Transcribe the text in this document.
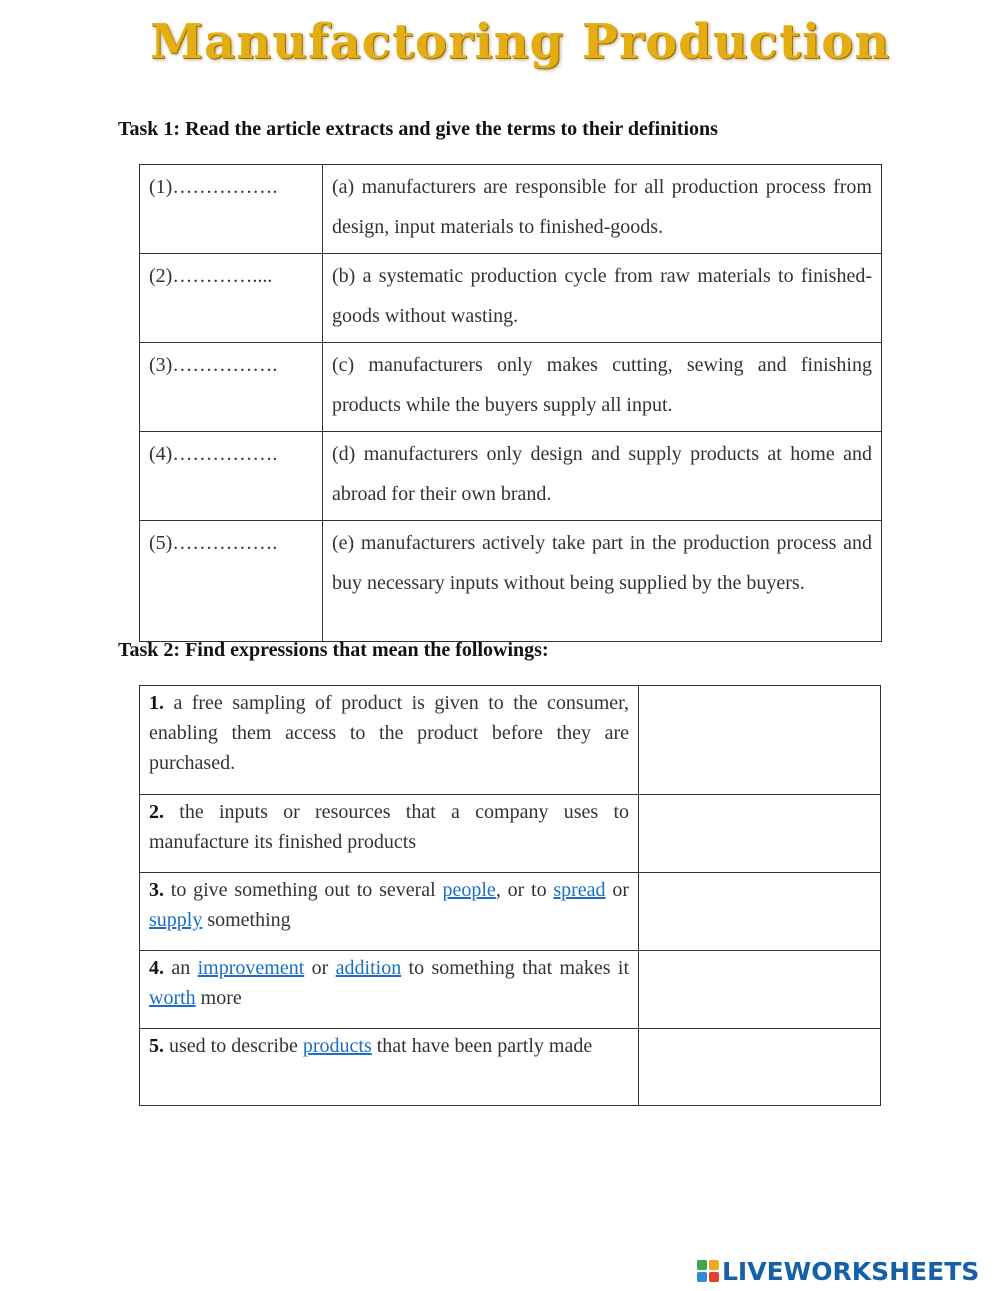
Manufactoring Production
Task 1: Read the article extracts and give the terms to their definitions
(1)…………….	(a) manufacturers are responsible for all production process from design, input materials to finished-goods.
(2)…………....	(b) a systematic production cycle from raw materials to finished-goods without wasting.
(3)…………….	(c) manufacturers only makes cutting, sewing and finishing products while the buyers supply all input.
(4)…………….	(d) manufacturers only design and supply products at home and abroad for their own brand.
(5)…………….	(e) manufacturers actively take part in the production process and buy necessary inputs without being supplied by the buyers.
Task 2: Find expressions that mean the followings:
1. a free sampling of product is given to the consumer, enabling them access to the product before they are purchased.	
2. the inputs or resources that a company uses to manufacture its finished products	
3. to give something out to several people, or to spread or supply something	
4. an improvement or addition to something that makes it worth more	
5. used to describe products that have been partly made	
LIVEWORKSHEETS
